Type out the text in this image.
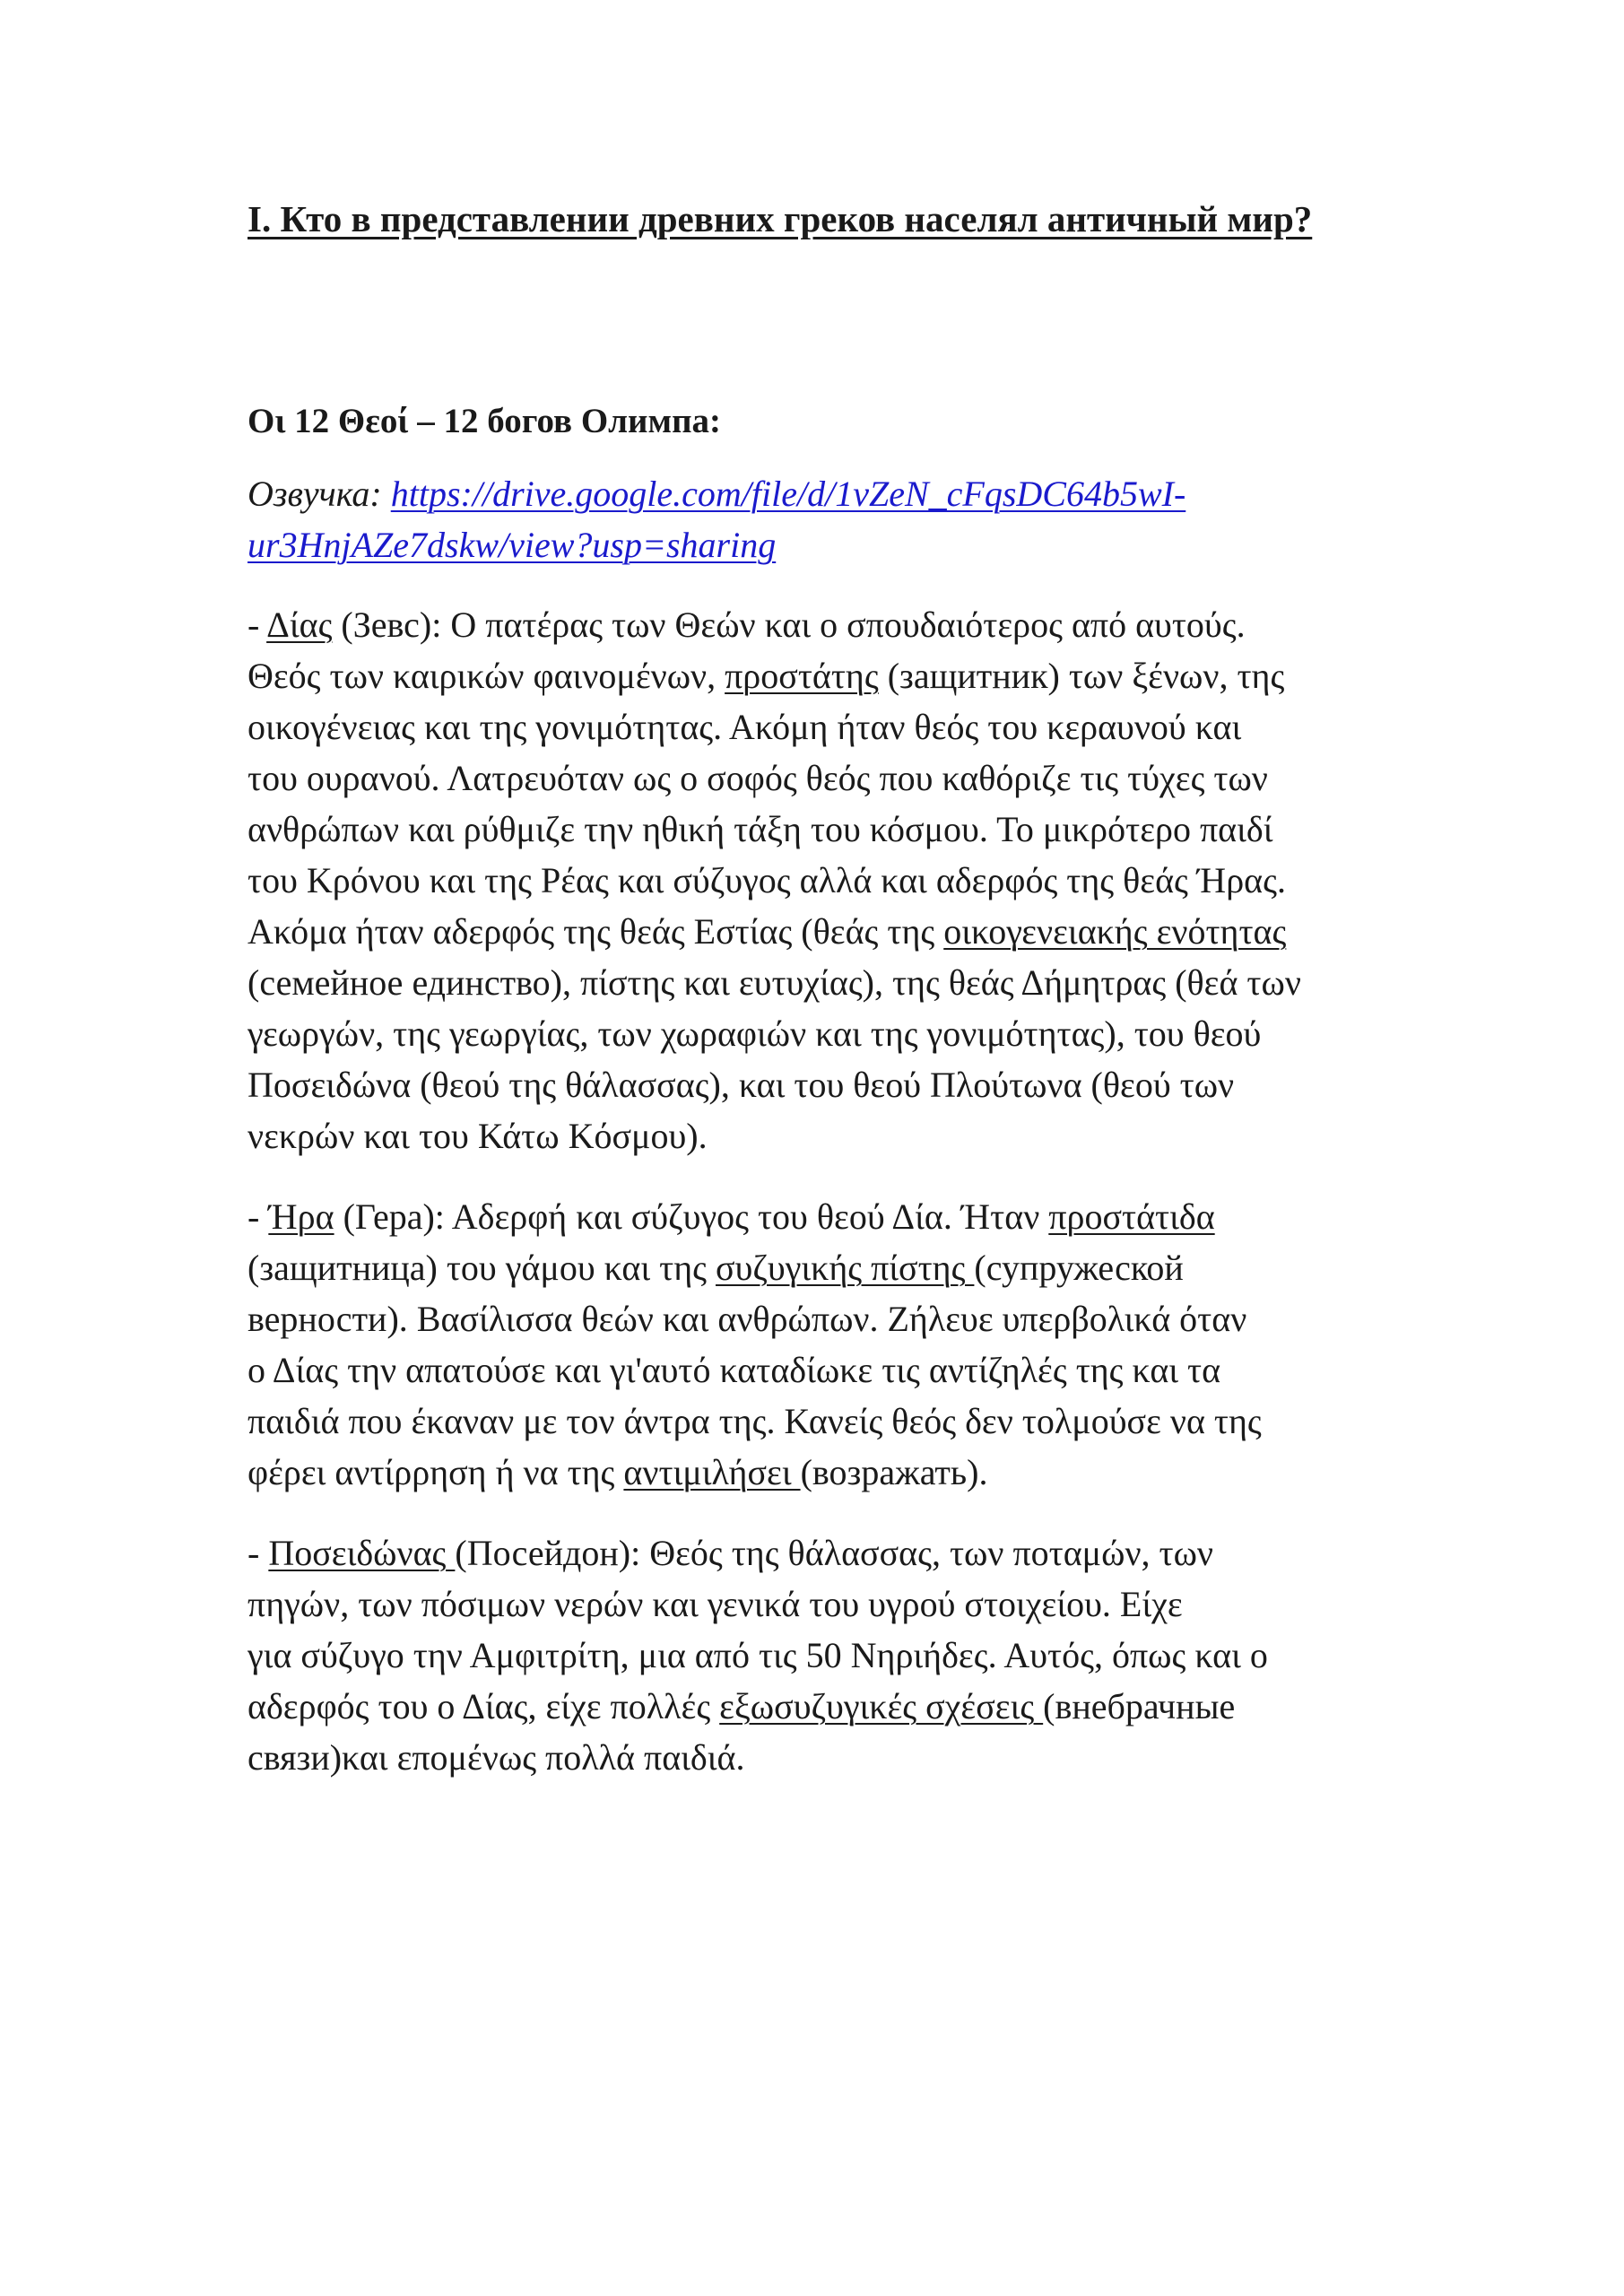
I. Кто в представлении древних греков населял античный мир?

Οι 12 Θεοί – 12 богов Олимпа:

Озвучка: https://drive.google.com/file/d/1vZeN_cFqsDC64b5wI-
ur3HnjAZe7dskw/view?usp=sharing

- Δίας (Зевс): Ο πατέρας των Θεών και ο σπουδαιότερος από αυτούς.
Θεός των καιρικών φαινομένων, προστάτης (защитник) των ξένων, της
οικογένειας και της γονιμότητας. Ακόμη ήταν θεός του κεραυνού και
του ουρανού. Λατρευόταν ως ο σοφός θεός που καθόριζε τις τύχες των
ανθρώπων και ρύθμιζε την ηθική τάξη του κόσμου. Το μικρότερο παιδί
του Κρόνου και της Ρέας και σύζυγος αλλά και αδερφός της θεάς Ήρας.
Ακόμα ήταν αδερφός της θεάς Εστίας (θεάς της οικογενειακής ενότητας
(семейное единство), πίστης και ευτυχίας), της θεάς Δήμητρας (θεά των
γεωργών, της γεωργίας, των χωραφιών και της γονιμότητας), του θεού
Ποσειδώνα (θεού της θάλασσας), και του θεού Πλούτωνα (θεού των
νεκρών και του Κάτω Κόσμου).

- Ήρα (Гера): Αδερφή και σύζυγος του θεού Δία. Ήταν προστάτιδα
(защитница) του γάμου και της συζυγικής πίστης (супружеской
верности). Βασίλισσα θεών και ανθρώπων. Ζήλευε υπερβολικά όταν
ο Δίας την απατούσε και γι'αυτό καταδίωκε τις αντίζηλές της και τα
παιδιά που έκαναν με τον άντρα της. Κανείς θεός δεν τολμούσε να της
φέρει αντίρρηση ή να της αντιμιλήσει (возражать).

- Ποσειδώνας (Посейдон): Θεός της θάλασσας, των ποταμών, των
πηγών, των πόσιμων νερών και γενικά του υγρού στοιχείου. Είχε
για σύζυγο την Αμφιτρίτη, μια από τις 50 Νηριήδες. Αυτός, όπως και ο
αδερφός του ο Δίας, είχε πολλές εξωσυζυγικές σχέσεις (внебрачные
связи)και επομένως πολλά παιδιά.
